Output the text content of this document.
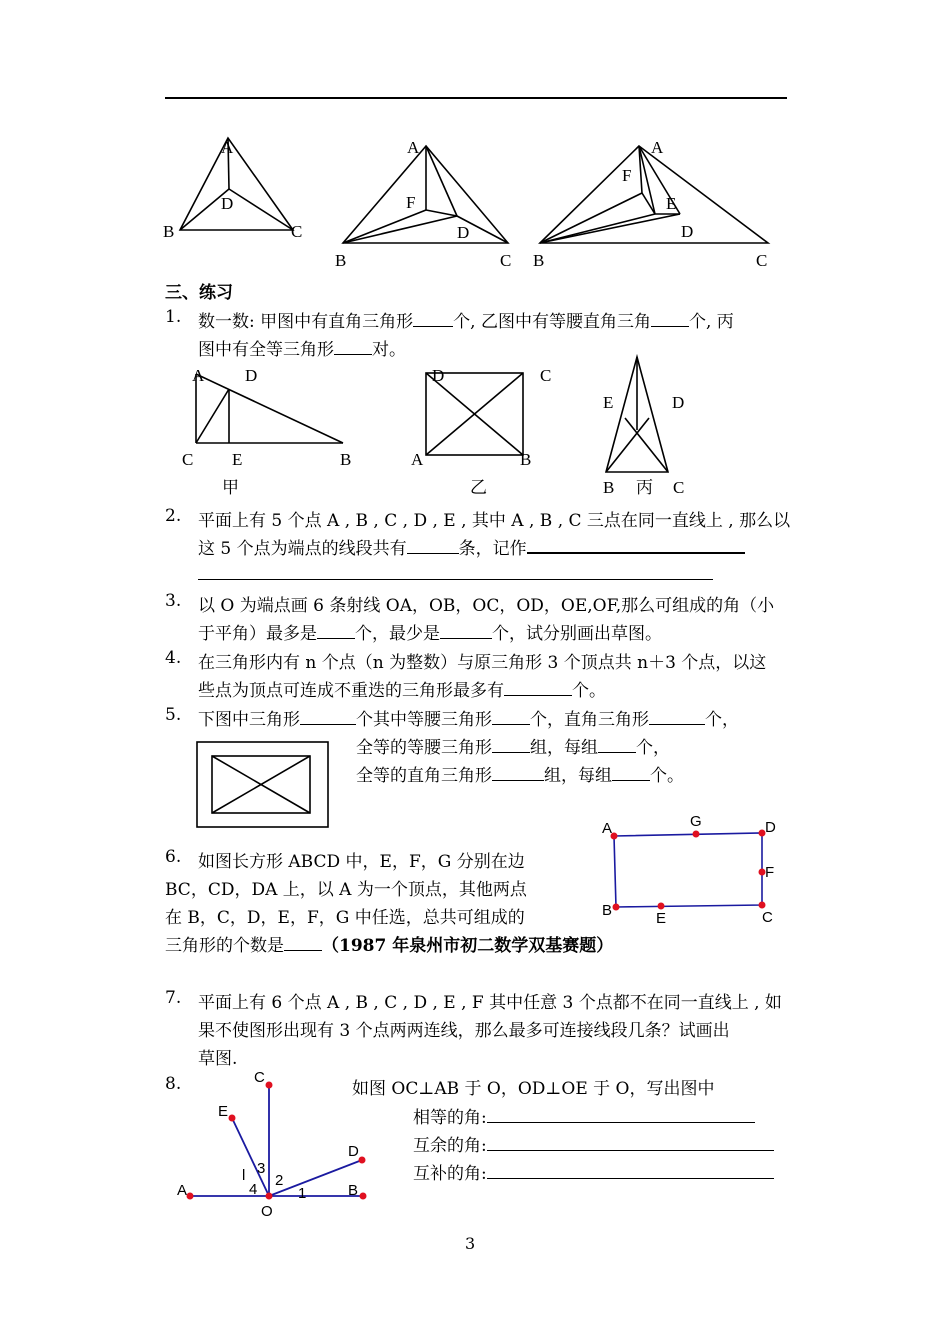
A
B	C
D
A
B	C
D
F
A
B	C
D
E
F
三、练习
1. 数一数: 甲图中有直角三角形 个, 乙图中有等腰直角三角 个, 丙
图中有全等三角形 对。
A D
C E	B
甲
D	C
A	B
乙
E	D
B 丙 C
2. 平面上有 5 个点 A , B , C , D , E , 其中 A , B , C 三点在同一直线上 , 那么以
这 5 个点为端点的线段共有	条，记作
3. 以 O 为端点画 6 条射线 OA，OB，OC，OD，OE,OF,那么可组成的角（小
于平角）最多是 个，最少是	个，试分别画出草图。
4. 在三角形内有 n 个点（n 为整数）与原三角形 3 个顶点共 n＋3 个点，以这
些点为顶点可连成不重迭的三角形最多有	个。
5. 下图中三角形	个其中等腰三角形 个，直角三角形	个，
全等的等腰三角形 组，每组 个，
全等的直角三角形	组，每组 个。
6. 如图长方形 ABCD 中，E，F，G 分别在边
BC，CD，DA 上，以 A 为一个顶点，其他两点
在 B，C，D，E，F，G 中任选，总共可组成的
三角形的个数是 （1987 年泉州市初二数学双基赛题）
A	G	D
F
B	E	C
7. 平面上有 6 个点 A , B , C , D , E , F 其中任意 3 个点都不在同一直线上 , 如
果不使图形出现有 3 个点两两连线，那么最多可连接线段几条？试画出
草图.
8.	如图 OC⊥AB 于 O，OD⊥OE 于 O，写出图中
相等的角:
互余的角:
互补的角:
C
E
D
A	B
O
1
2
3
4
l
3
